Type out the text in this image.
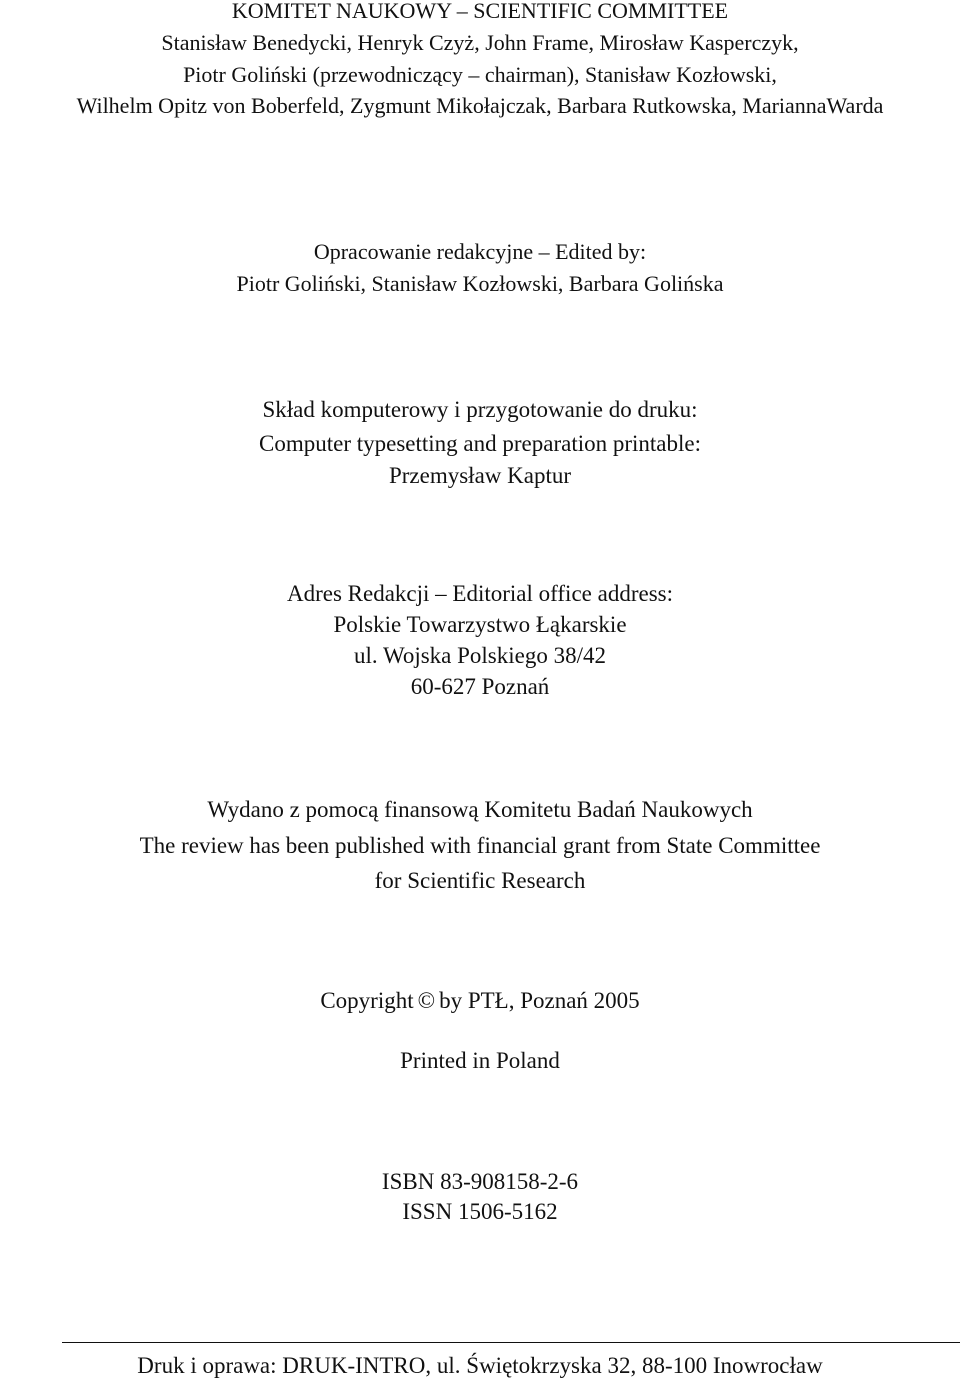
KOMITET NAUKOWY – SCIENTIFIC COMMITTEE
Stanisław Benedycki, Henryk Czyż, John Frame, Mirosław Kasperczyk,
Piotr Goliński (przewodniczący – chairman), Stanisław Kozłowski,
Wilhelm Opitz von Boberfeld, Zygmunt Mikołajczak, Barbara Rutkowska, MariannaWarda
Opracowanie redakcyjne – Edited by:
Piotr Goliński, Stanisław Kozłowski, Barbara Golińska
Skład komputerowy i przygotowanie do druku:
Computer typesetting and preparation printable:
Przemysław Kaptur
Adres Redakcji – Editorial office address:
Polskie Towarzystwo Łąkarskie
ul. Wojska Polskiego 38/42
60-627 Poznań
Wydano z pomocą finansową Komitetu Badań Naukowych
The review has been published with financial grant from State Committee
for Scientific Research
Copyright © by PTŁ, Poznań 2005
Printed in Poland
ISBN 83-908158-2-6
ISSN 1506-5162
Druk i oprawa: DRUK-INTRO, ul. Świętokrzyska 32, 88-100 Inowrocław
